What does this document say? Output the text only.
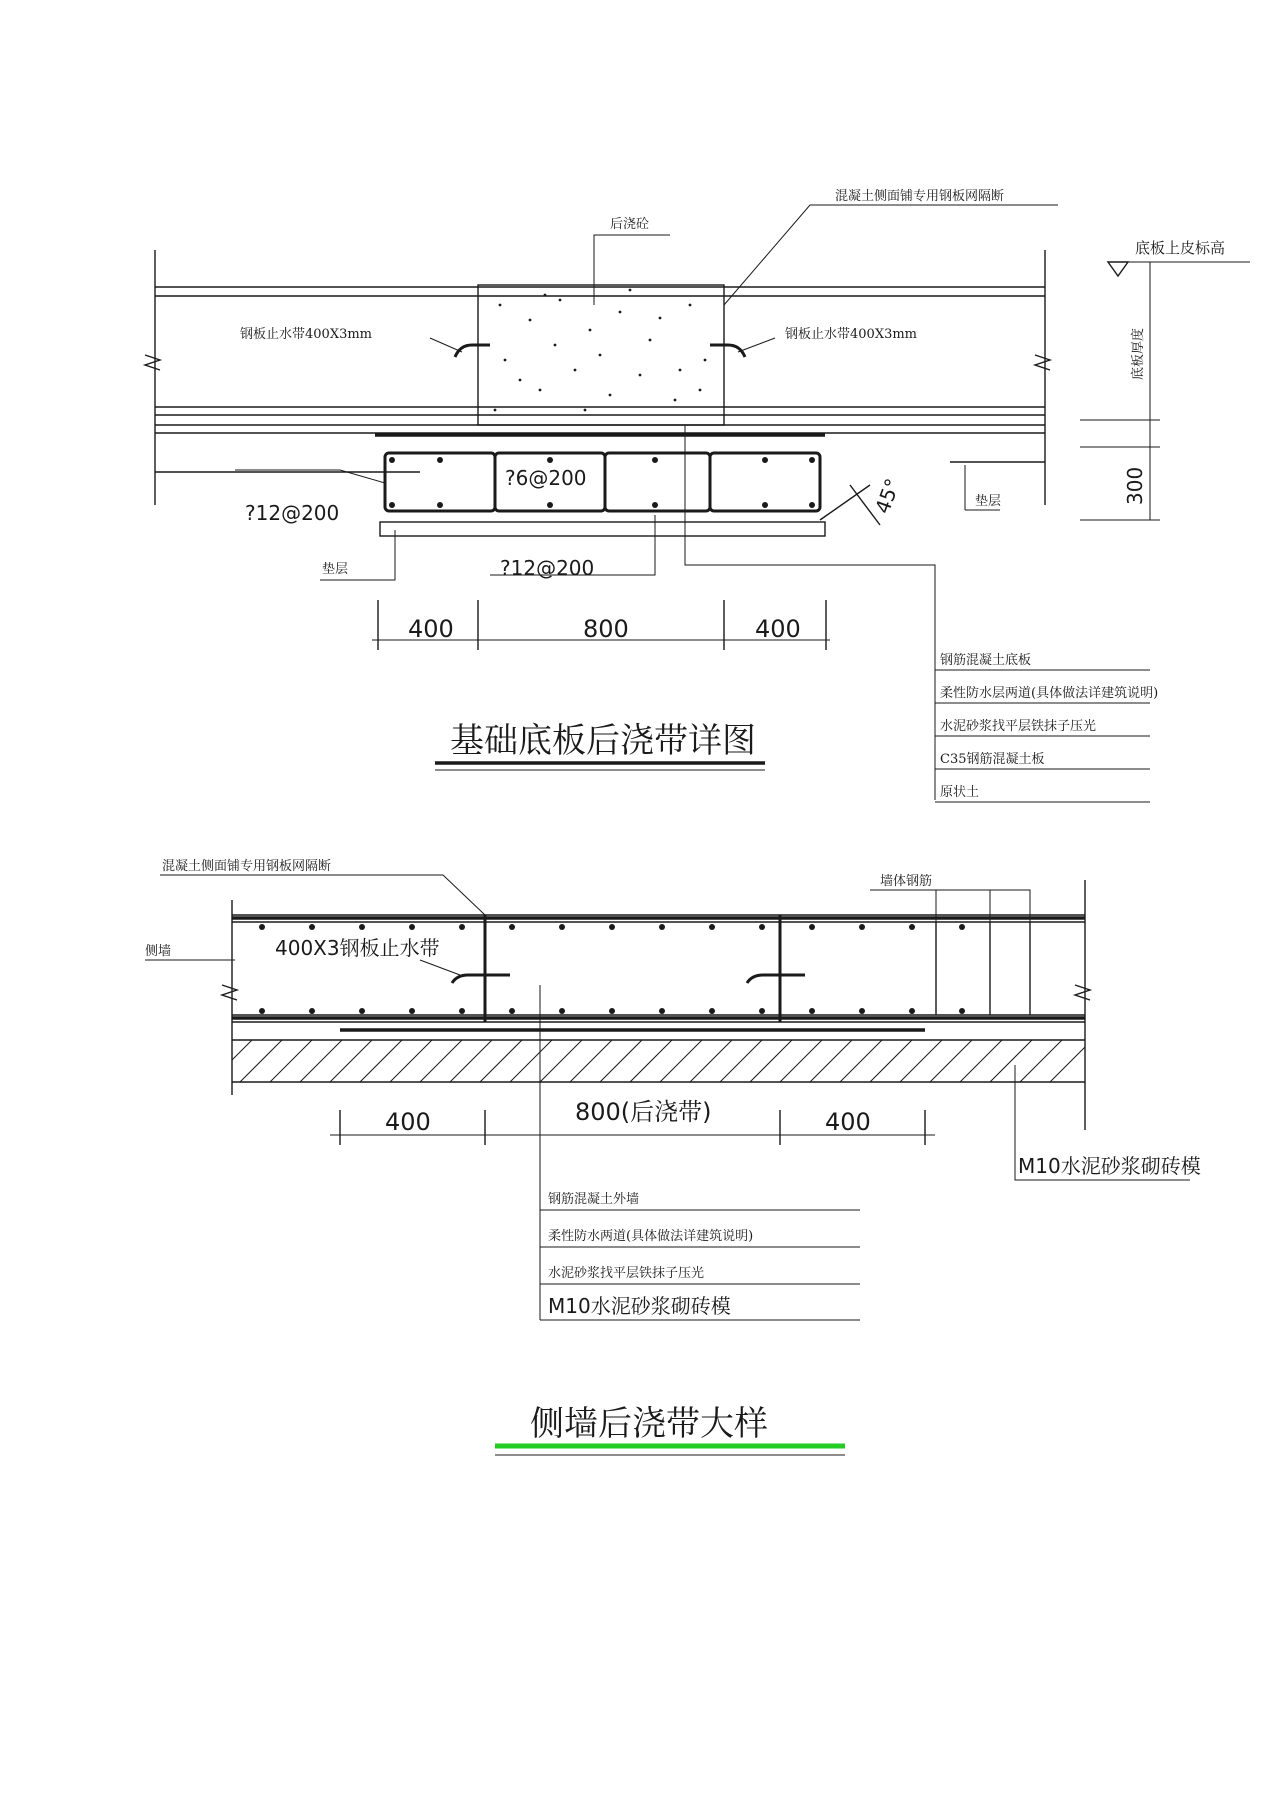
后浇砼
混凝土侧面铺专用钢板网隔断
底板上皮标高
钢板止水带400X3mm	钢板止水带400X3mm	底板厚度
300
?12@200
?6@200
?12@200
45°
垫层
垫层
400	800	400
钢筋混凝土底板
柔性防水层两道(具体做法详建筑说明)
水泥砂浆找平层铁抹子压光
C35钢筋混凝土板
原状土
基础底板后浇带详图
混凝土侧面铺专用钢板网隔断
侧墙	400X3钢板止水带
墙体钢筋
400	800(后浇带)	400
M10水泥砂浆砌砖模
钢筋混凝土外墙
柔性防水两道(具体做法详建筑说明)
水泥砂浆找平层铁抹子压光
M10水泥砂浆砌砖模
侧墙后浇带大样
